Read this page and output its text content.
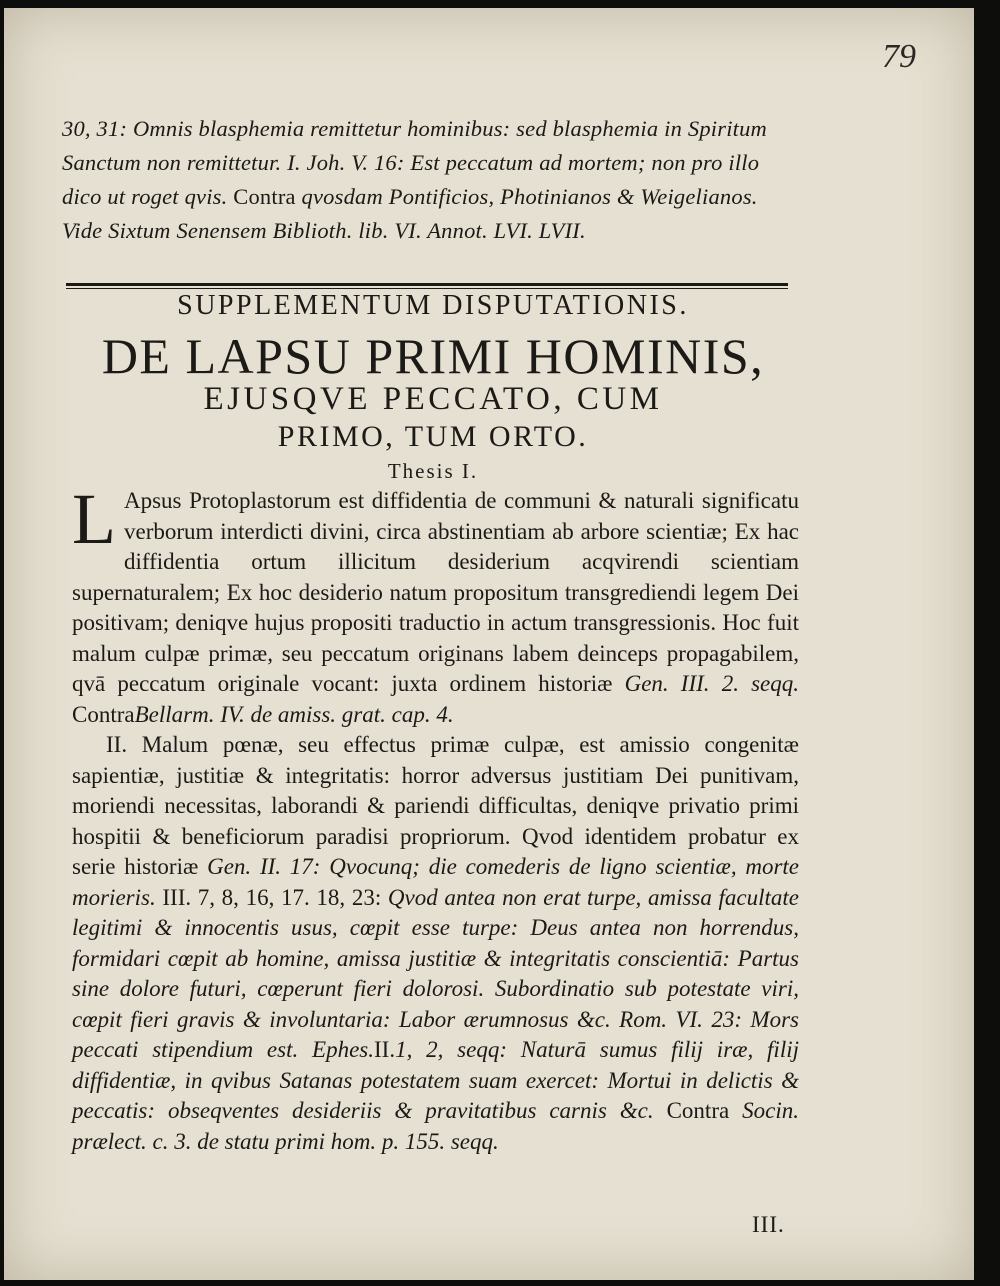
79
30, 31: Omnis blasphemia remittetur hominibus: sed blasphemia in Spiritum Sanctum non remittetur. I. Joh. V. 16: Est peccatum ad mortem; non pro illo dico ut roget qvis. Contra qvosdam Pontificios, Photinianos & Weigelianos. Vide Sixtum Senensem Biblioth. lib. VI. Annot. LVI. LVII.
SUPPLEMENTUM DISPUTATIONIS.
DE LAPSU PRIMI HOMINIS,
EJUSQVE PECCATO, CUM
PRIMO, TUM ORTO.
Thesis I.

L Apsus Protoplastorum est diffidentia de communi & naturali significatu verborum interdicti divini, circa abstinentiam ab arbore scientiæ; Ex hac diffidentia ortum illicitum desiderium acqvirendi scientiam supernaturalem; Ex hoc desiderio natum propositum transgrediendi legem Dei positivam; deniqve hujus propositi traductio in actum transgressionis. Hoc fuit malum culpæ primæ, seu peccatum originans labem deinceps propagabilem, qvā peccatum originale vocant: juxta ordinem historiæ Gen. III. 2. seqq. ContraBellarm. IV. de amiss. grat. cap. 4.

II. Malum pœnæ, seu effectus primæ culpæ, est amissio congenitæ sapientiæ, justitiæ & integritatis: horror adversus justitiam Dei punitivam, moriendi necessitas, laborandi & pariendi difficultas, deniqve privatio primi hospitii & beneficiorum paradisi propriorum. Qvod identidem probatur ex serie historiæ Gen. II. 17: Qvocunq; die comederis de ligno scientiæ, morte morieris. III. 7, 8, 16, 17. 18, 23: Qvod antea non erat turpe, amissa facultate legitimi & innocentis usus, cœpit esse turpe: Deus antea non horrendus, formidari cœpit ab homine, amissa justitiæ & integritatis conscientiā: Partus sine dolore futuri, cœperunt fieri dolorosi. Subordinatio sub potestate viri, cœpit fieri gravis & involuntaria: Labor ærumnosus &c. Rom. VI. 23: Mors peccati stipendium est. Ephes.II.1, 2, seqq: Naturā sumus filij iræ, filij diffidentiæ, in qvibus Satanas potestatem suam exercet: Mortui in delictis & peccatis: obseqventes desideriis & pravitatibus carnis &c. Contra Socin. prælect. c. 3. de statu primi hom. p. 155. seqq.

III.
